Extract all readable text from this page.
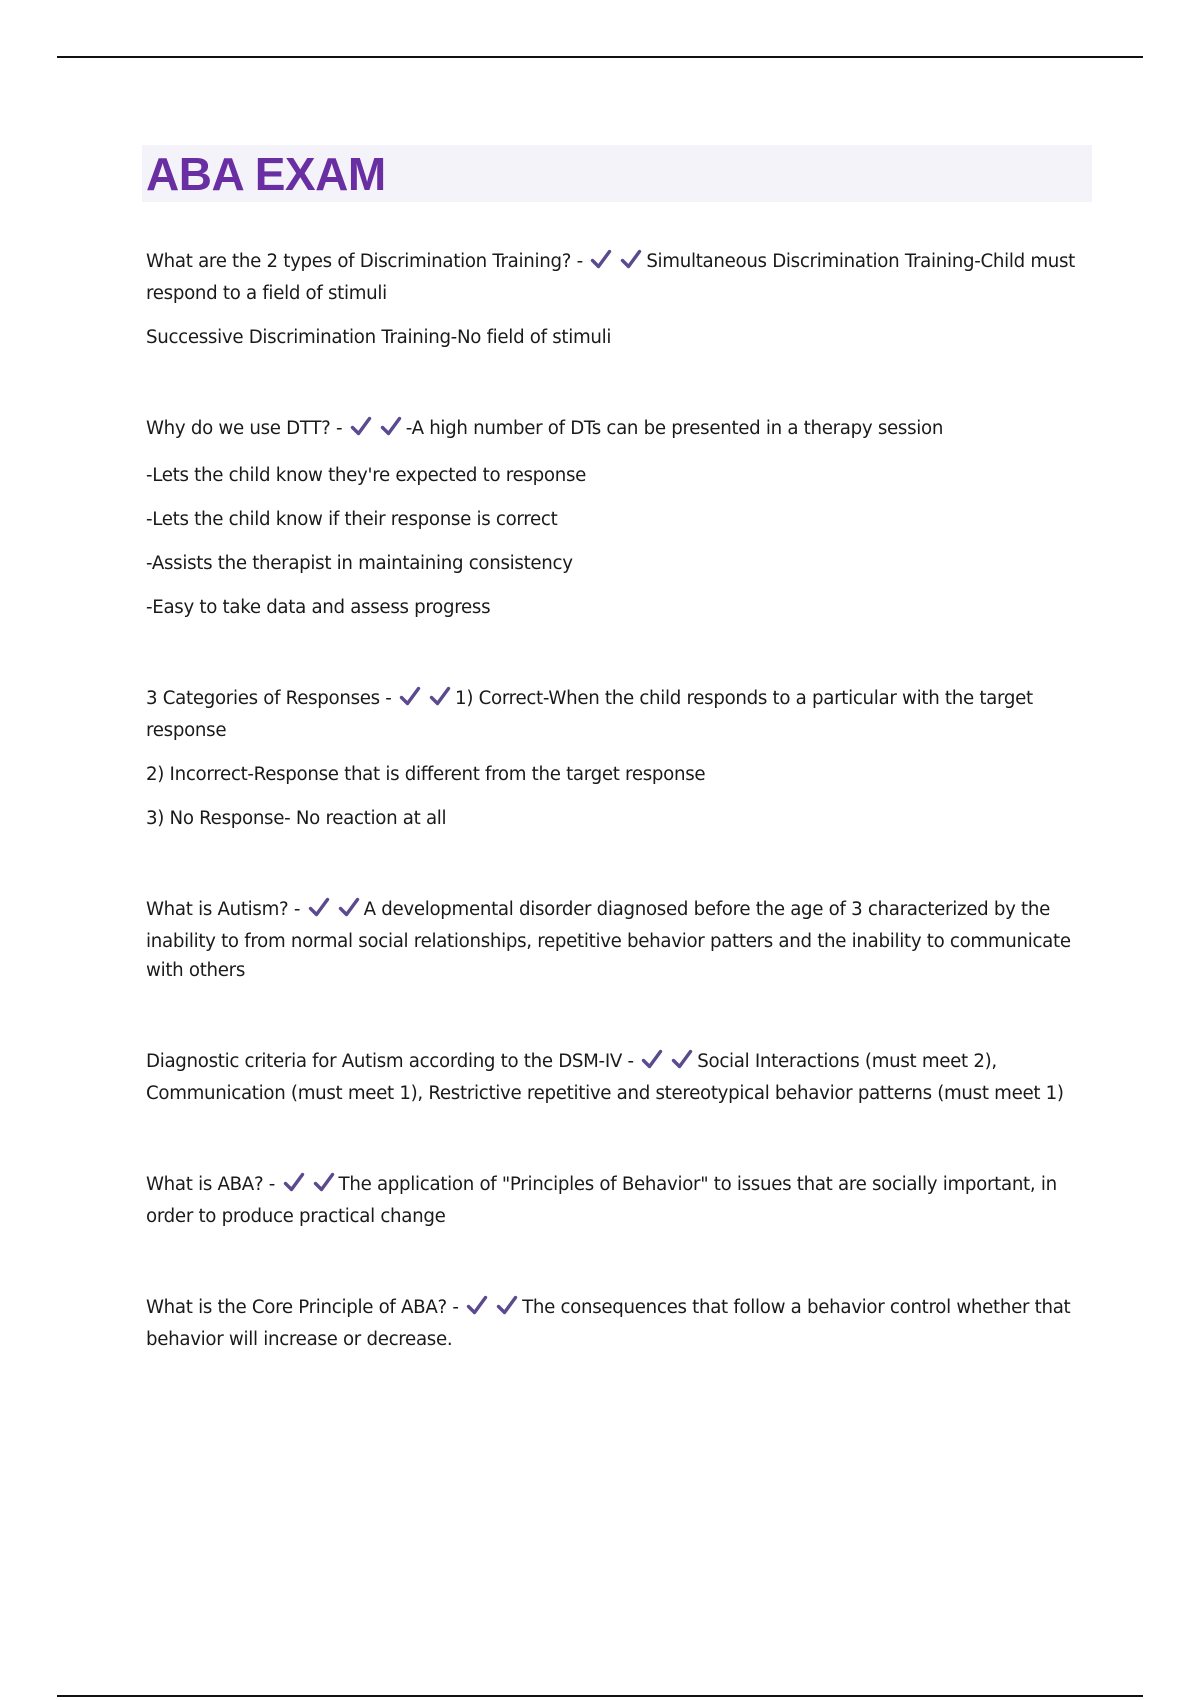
ABA EXAM

What are the 2 types of Discrimination Training? -	Simultaneous Discrimination Training-Child must respond to a field of stimuli

Successive Discrimination Training-No field of stimuli

Why do we use DTT? -	-A high number of DTs can be presented in a therapy session

-Lets the child know they're expected to response

-Lets the child know if their response is correct

-Assists the therapist in maintaining consistency

-Easy to take data and assess progress

3 Categories of Responses -	1) Correct-When the child responds to a particular with the target response

2) Incorrect-Response that is different from the target response

3) No Response- No reaction at all

What is Autism? -	A developmental disorder diagnosed before the age of 3 characterized by the inability to from normal social relationships, repetitive behavior patters and the inability to communicate with others

Diagnostic criteria for Autism according to the DSM-IV -	Social Interactions (must meet 2), Communication (must meet 1), Restrictive repetitive and stereotypical behavior patterns (must meet 1)

What is ABA? -	The application of "Principles of Behavior" to issues that are socially important, in order to produce practical change

What is the Core Principle of ABA? -	The consequences that follow a behavior control whether that behavior will increase or decrease.
